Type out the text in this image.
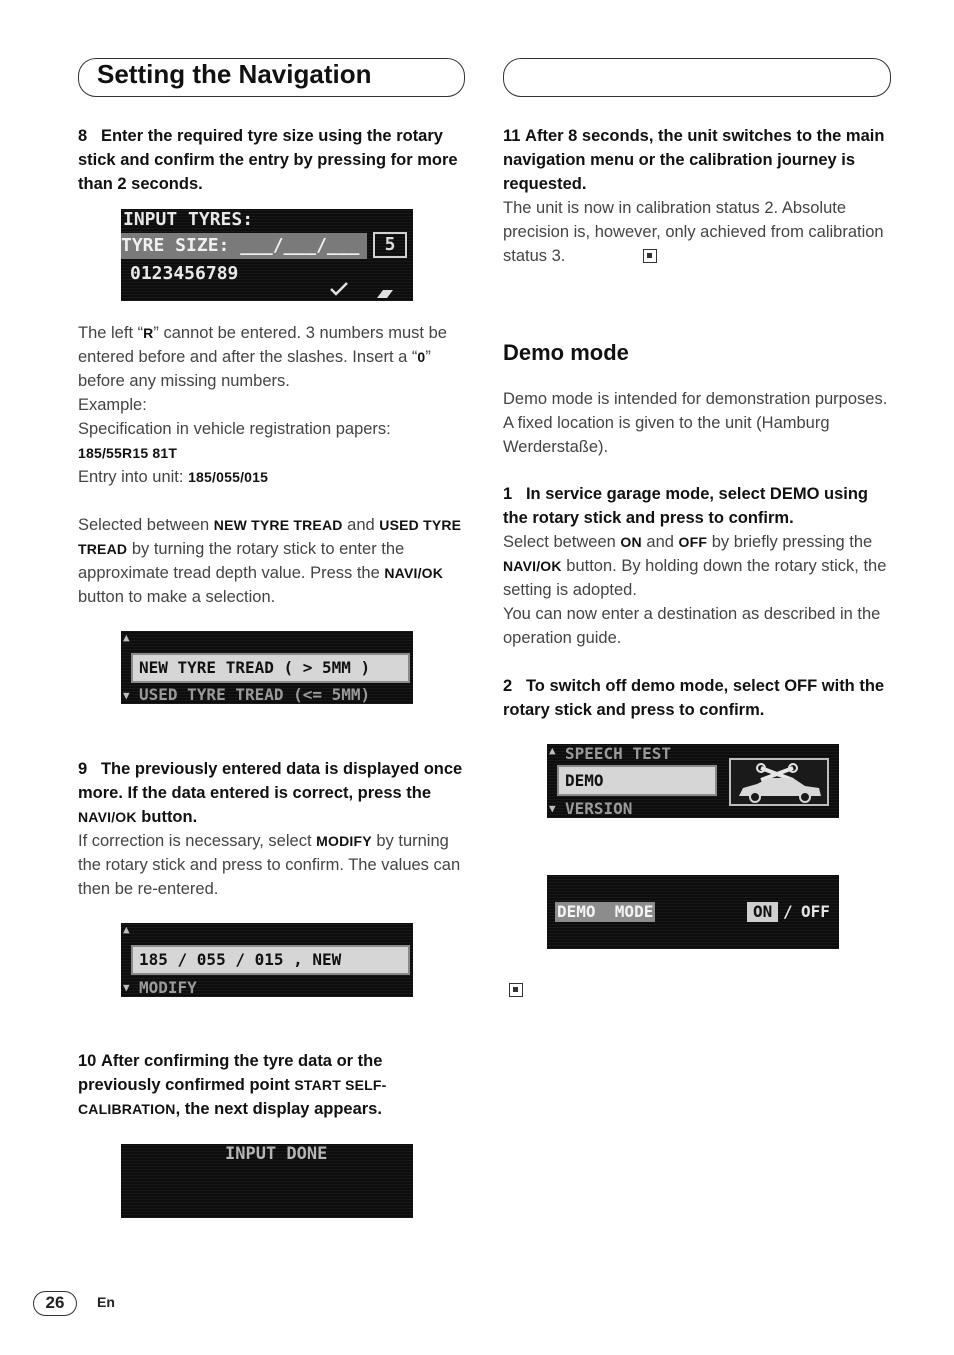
Setting the Navigation

8 Enter the required tyre size using the rotary stick and confirm the entry by pressing for more than 2 seconds.

INPUT TYRES:
TYRE SIZE: ___/___/___	5
0123456789

The left “R” cannot be entered. 3 numbers must be entered before and after the slashes. Insert a “0” before any missing numbers.

Example:

Specification in vehicle registration papers:

185/55R15 81T

Entry into unit: 185/055/015

Selected between NEW TYRE TREAD and USED TYRE TREAD by turning the rotary stick to enter the approximate tread depth value. Press the NAVI/OK button to make a selection.

▲
NEW TYRE TREAD ( > 5MM )
▼ USED TYRE TREAD (<= 5MM)

9 The previously entered data is displayed once more. If the data entered is correct, press the NAVI/OK button.

If correction is necessary, select MODIFY by turning the rotary stick and press to confirm. The values can then be re-entered.

▲
185 / 055 / 015 , NEW
▼ MODIFY

10 After confirming the tyre data or the previously confirmed point START SELF-CALIBRATION, the next display appears.

INPUT DONE

11 After 8 seconds, the unit switches to the main navigation menu or the calibration journey is requested.

The unit is now in calibration status 2. Absolute precision is, however, only achieved from calibration status 3.

Demo mode

Demo mode is intended for demonstration purposes. A fixed location is given to the unit (Hamburg Werderstaße).

1 In service garage mode, select DEMO using the rotary stick and press to confirm.

Select between ON and OFF by briefly pressing the NAVI/OK button. By holding down the rotary stick, the setting is adopted.

You can now enter a destination as described in the operation guide.

2 To switch off demo mode, select OFF with the rotary stick and press to confirm.

▲ SPEECH TEST
DEMO
▼ VERSION
DEMO  MODE	ON / OFF
26	En
